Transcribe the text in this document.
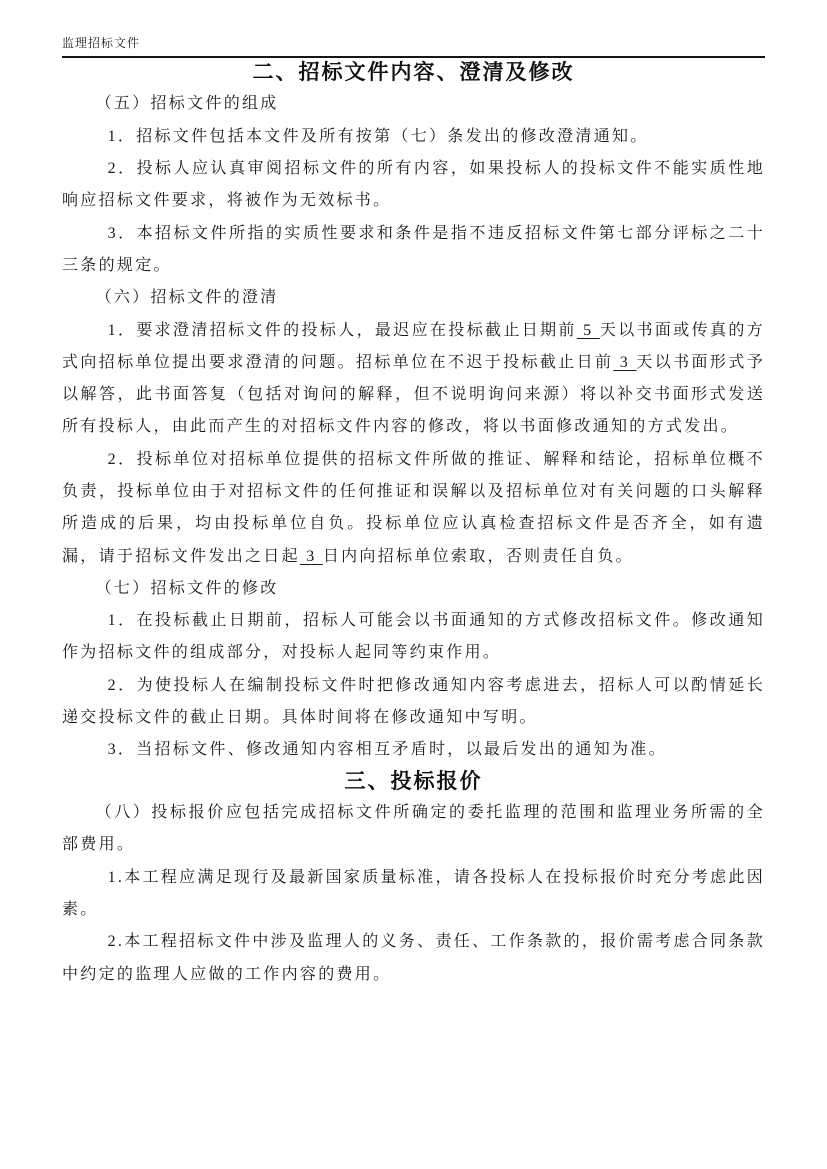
监理招标文件
二、招标文件内容、澄清及修改

（五）招标文件的组成

1．招标文件包括本文件及所有按第（七）条发出的修改澄清通知。

2．投标人应认真审阅招标文件的所有内容，如果投标人的投标文件不能实质性地响应招标文件要求，将被作为无效标书。

3．本招标文件所指的实质性要求和条件是指不违反招标文件第七部分评标之二十三条的规定。

（六）招标文件的澄清

1．要求澄清招标文件的投标人，最迟应在投标截止日期前 5 天以书面或传真的方式向招标单位提出要求澄清的问题。招标单位在不迟于投标截止日前 3 天以书面形式予以解答，此书面答复（包括对询问的解释，但不说明询问来源）将以补交书面形式发送所有投标人，由此而产生的对招标文件内容的修改，将以书面修改通知的方式发出。

2．投标单位对招标单位提供的招标文件所做的推证、解释和结论，招标单位概不负责，投标单位由于对招标文件的任何推证和误解以及招标单位对有关问题的口头解释所造成的后果，均由投标单位自负。投标单位应认真检查招标文件是否齐全，如有遗漏，请于招标文件发出之日起 3 日内向招标单位索取，否则责任自负。

（七）招标文件的修改

1．在投标截止日期前，招标人可能会以书面通知的方式修改招标文件。修改通知作为招标文件的组成部分，对投标人起同等约束作用。

2．为使投标人在编制投标文件时把修改通知内容考虑进去，招标人可以酌情延长递交投标文件的截止日期。具体时间将在修改通知中写明。

3．当招标文件、修改通知内容相互矛盾时，以最后发出的通知为准。

三、投标报价

（八）投标报价应包括完成招标文件所确定的委托监理的范围和监理业务所需的全部费用。

1.本工程应满足现行及最新国家质量标准，请各投标人在投标报价时充分考虑此因素。

2.本工程招标文件中涉及监理人的义务、责任、工作条款的，报价需考虑合同条款中约定的监理人应做的工作内容的费用。
